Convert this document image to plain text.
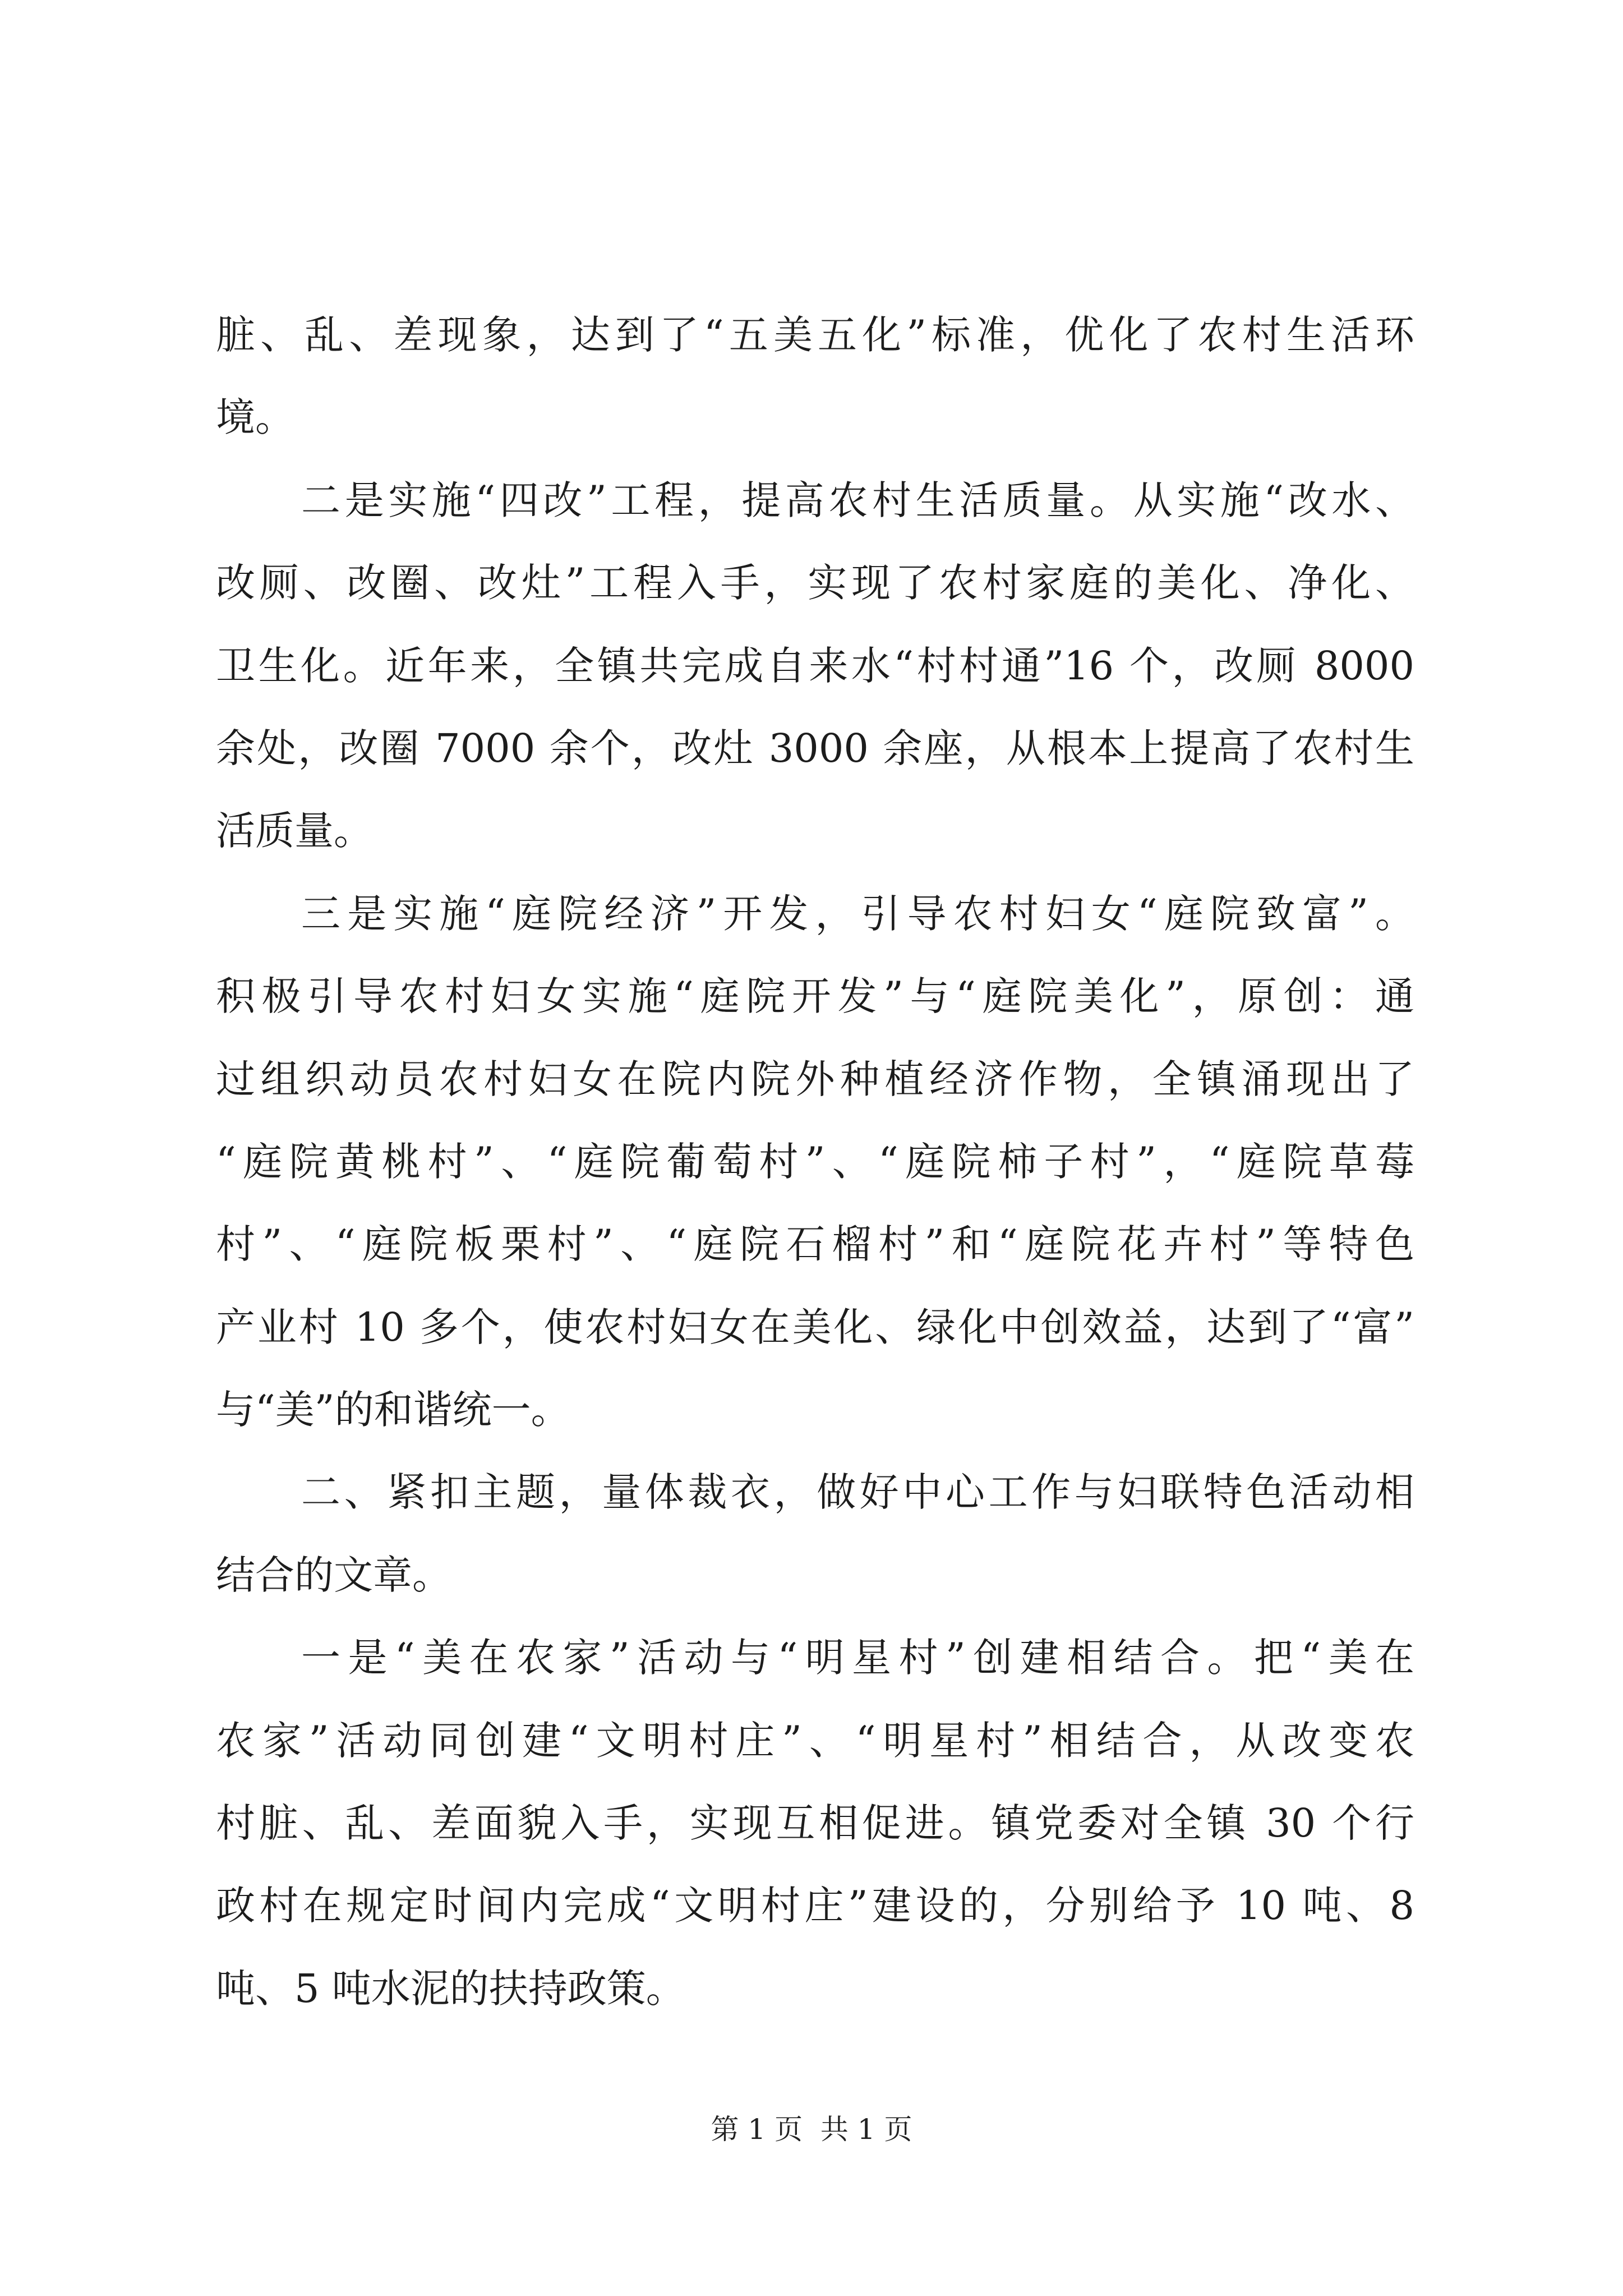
脏、乱、差现象，达到了“五美五化”标准，优化了农村生活环
境。
二是实施“四改”工程，提高农村生活质量。从实施“改水、
改厕、改圈、改灶”工程入手，实现了农村家庭的美化、净化、
卫生化。近年来，全镇共完成自来水“村村通”16 个，改厕 8000
余处，改圈 7000 余个，改灶 3000 余座，从根本上提高了农村生
活质量。
三是实施“庭院经济”开发，引导农村妇女“庭院致富”。
积极引导农村妇女实施“庭院开发”与“庭院美化”，原创：通
过组织动员农村妇女在院内院外种植经济作物，全镇涌现出了
“庭院黄桃村”、“庭院葡萄村”、“庭院柿子村”，“庭院草莓
村”、“庭院板栗村”、“庭院石榴村”和“庭院花卉村”等特色
产业村 10 多个，使农村妇女在美化、绿化中创效益，达到了“富”
与“美”的和谐统一。
二、紧扣主题，量体裁衣，做好中心工作与妇联特色活动相
结合的文章。
一是“美在农家”活动与“明星村”创建相结合。把“美在
农家”活动同创建“文明村庄”、“明星村”相结合，从改变农
村脏、乱、差面貌入手，实现互相促进。镇党委对全镇 30 个行
政村在规定时间内完成“文明村庄”建设的，分别给予 10 吨、8
吨、5 吨水泥的扶持政策。
第 1 页  共 1 页
